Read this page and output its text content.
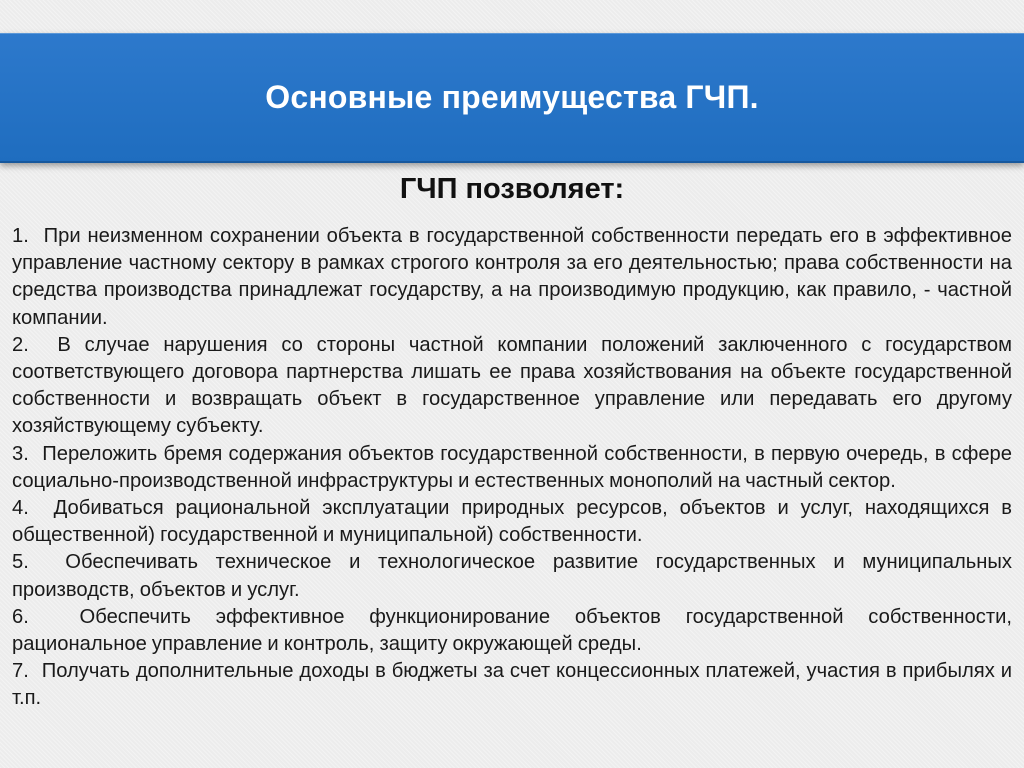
Основные преимущества ГЧП.
ГЧП позволяет:
1.  При неизменном сохранении объекта в государственной собственности передать его в эффективное управление частному сектору в рамках строгого контроля за его деятельностью; права собственности на средства производства принадлежат государству, а на производимую продукцию, как правило, - частной компании.
2.  В случае нарушения со стороны частной компании положений заключенного с государством соответствующего договора партнерства лишать ее права хозяйствования на объекте государственной собственности и возвращать объект в государственное управление или передавать его другому хозяйствующему субъекту.
3.  Переложить бремя содержания объектов государственной собственности, в первую очередь, в сфере социально-производственной инфраструктуры и естественных монополий на частный сектор.
4.  Добиваться рациональной эксплуатации природных ресурсов, объектов и услуг, находящихся в общественной) государственной и муниципальной) собственности.
5.  Обеспечивать техническое и технологическое развитие государственных и муниципальных производств, объектов и услуг.
6.  Обеспечить эффективное функционирование объектов государственной собственности, рациональное управление и контроль, защиту окружающей среды.
7.  Получать дополнительные доходы в бюджеты за счет концессионных платежей, участия в прибылях и т.п.
